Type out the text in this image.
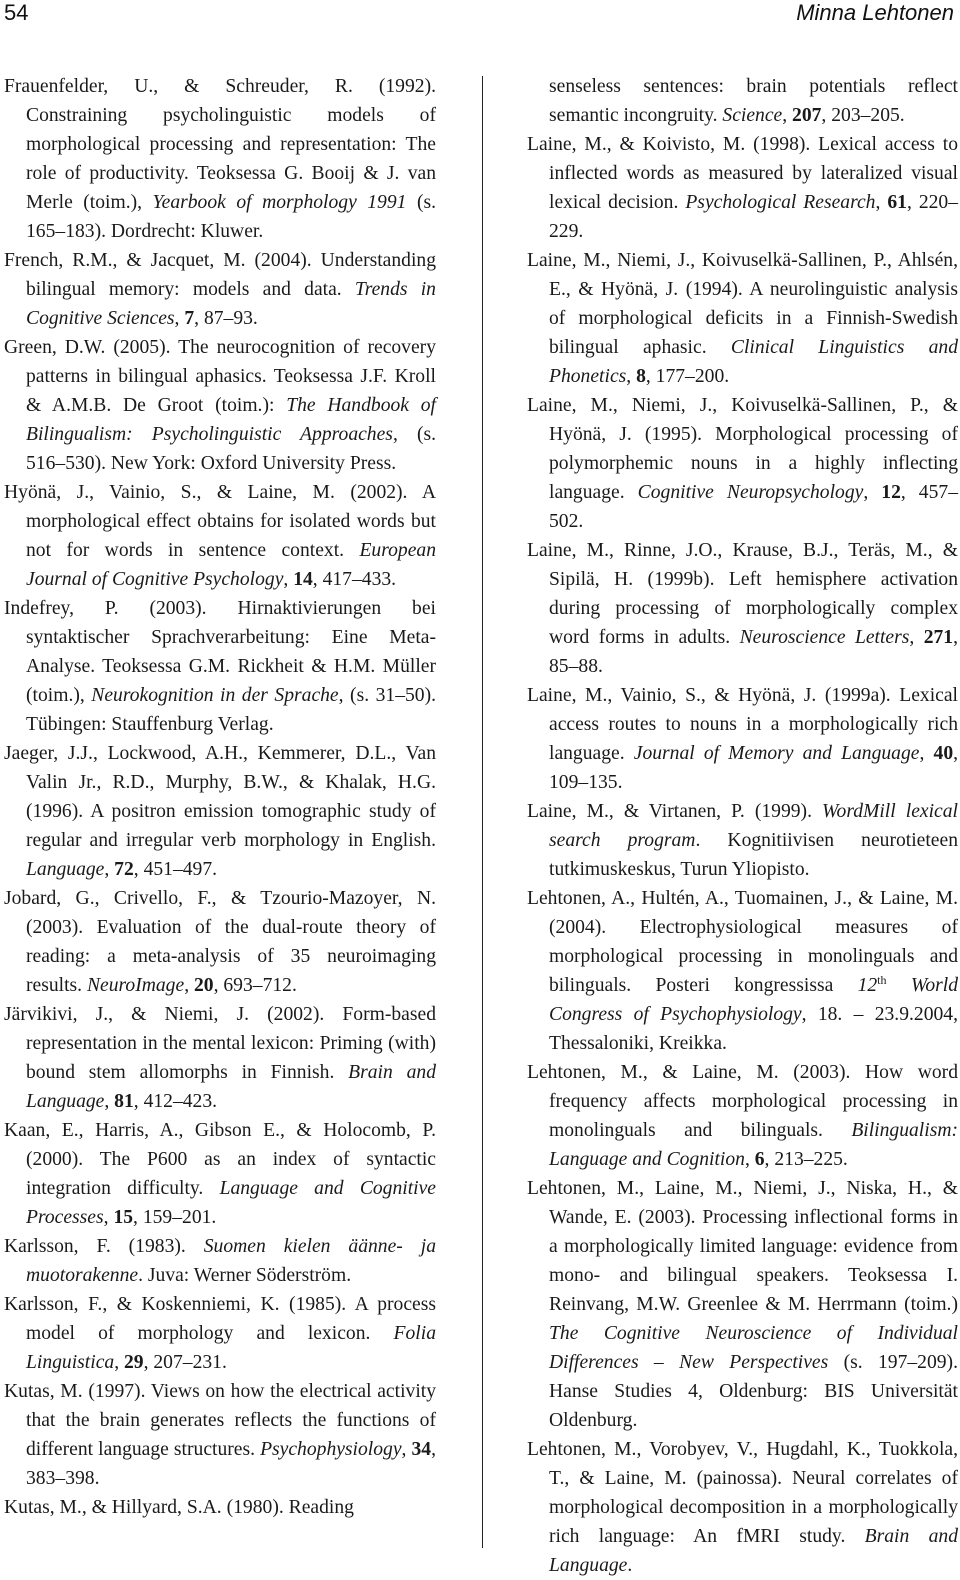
54	Minna Lehtonen

Frauenfelder, U., & Schreuder, R. (1992). Constraining psycholinguistic models of morphological processing and representation: The role of productivity. Teoksessa G. Booij & J. van Merle (toim.), Yearbook of morphology 1991 (s. 165–183). Dordrecht: Kluwer.

French, R.M., & Jacquet, M. (2004). Understanding bilingual memory: models and data. Trends in Cognitive Sciences, 7, 87–93.

Green, D.W. (2005). The neurocognition of recovery patterns in bilingual aphasics. Teoksessa J.F. Kroll & A.M.B. De Groot (toim.): The Handbook of Bilingualism: Psycholinguistic Approaches, (s. 516–530). New York: Oxford University Press.

Hyönä, J., Vainio, S., & Laine, M. (2002). A morphological effect obtains for isolated words but not for words in sentence context. European Journal of Cognitive Psychology, 14, 417–433.

Indefrey, P. (2003). Hirnaktivierungen bei syntaktischer Sprachverarbeitung: Eine Meta-Analyse. Teoksessa G.M. Rickheit & H.M. Müller (toim.), Neurokognition in der Sprache, (s. 31–50). Tübingen: Stauffenburg Verlag.

Jaeger, J.J., Lockwood, A.H., Kemmerer, D.L., Van Valin Jr., R.D., Murphy, B.W., & Khalak, H.G. (1996). A positron emission tomographic study of regular and irregular verb morphology in English. Language, 72, 451–497.

Jobard, G., Crivello, F., & Tzourio-Mazoyer, N. (2003). Evaluation of the dual-route theory of reading: a meta-analysis of 35 neuroimaging results. NeuroImage, 20, 693–712.

Järvikivi, J., & Niemi, J. (2002). Form-based representation in the mental lexicon: Priming (with) bound stem allomorphs in Finnish. Brain and Language, 81, 412–423.

Kaan, E., Harris, A., Gibson E., & Holocomb, P. (2000). The P600 as an index of syntactic integration difficulty. Language and Cognitive Processes, 15, 159–201.

Karlsson, F. (1983). Suomen kielen äänne- ja muotorakenne. Juva: Werner Söderström.

Karlsson, F., & Koskenniemi, K. (1985). A process model of morphology and lexicon. Folia Linguistica, 29, 207–231.

Kutas, M. (1997). Views on how the electrical activity that the brain generates reflects the functions of different language structures. Psychophysiology, 34, 383–398.

Kutas, M., & Hillyard, S.A. (1980). Reading

senseless sentences: brain potentials reflect semantic incongruity. Science, 207, 203–205.

Laine, M., & Koivisto, M. (1998). Lexical access to inflected words as measured by lateralized visual lexical decision. Psychological Research, 61, 220–229.

Laine, M., Niemi, J., Koivuselkä-Sallinen, P., Ahlsén, E., & Hyönä, J. (1994). A neurolinguistic analysis of morphological deficits in a Finnish-Swedish bilingual aphasic. Clinical Linguistics and Phonetics, 8, 177–200.

Laine, M., Niemi, J., Koivuselkä-Sallinen, P., & Hyönä, J. (1995). Morphological processing of polymorphemic nouns in a highly inflecting language. Cognitive Neuropsychology, 12, 457–502.

Laine, M., Rinne, J.O., Krause, B.J., Teräs, M., & Sipilä, H. (1999b). Left hemisphere activation during processing of morphologically complex word forms in adults. Neuroscience Letters, 271, 85–88.

Laine, M., Vainio, S., & Hyönä, J. (1999a). Lexical access routes to nouns in a morphologically rich language. Journal of Memory and Language, 40, 109–135.

Laine, M., & Virtanen, P. (1999). WordMill lexical search program. Kognitiivisen neurotieteen tutkimuskeskus, Turun Yliopisto.

Lehtonen, A., Hultén, A., Tuomainen, J., & Laine, M. (2004). Electrophysiological measures of morphological processing in monolinguals and bilinguals. Posteri kongressissa 12th World Congress of Psychophysiology, 18. – 23.9.2004, Thessaloniki, Kreikka.

Lehtonen, M., & Laine, M. (2003). How word frequency affects morphological processing in monolinguals and bilinguals. Bilingualism: Language and Cognition, 6, 213–225.

Lehtonen, M., Laine, M., Niemi, J., Niska, H., & Wande, E. (2003). Processing inflectional forms in a morphologically limited language: evidence from mono- and bilingual speakers. Teoksessa I. Reinvang, M.W. Greenlee & M. Herrmann (toim.) The Cognitive Neuroscience of Individual Differences – New Perspectives (s. 197–209). Hanse Studies 4, Oldenburg: BIS Universität Oldenburg.

Lehtonen, M., Vorobyev, V., Hugdahl, K., Tuokkola, T., & Laine, M. (painossa). Neural correlates of morphological decomposition in a morphologically rich language: An fMRI study. Brain and Language.
